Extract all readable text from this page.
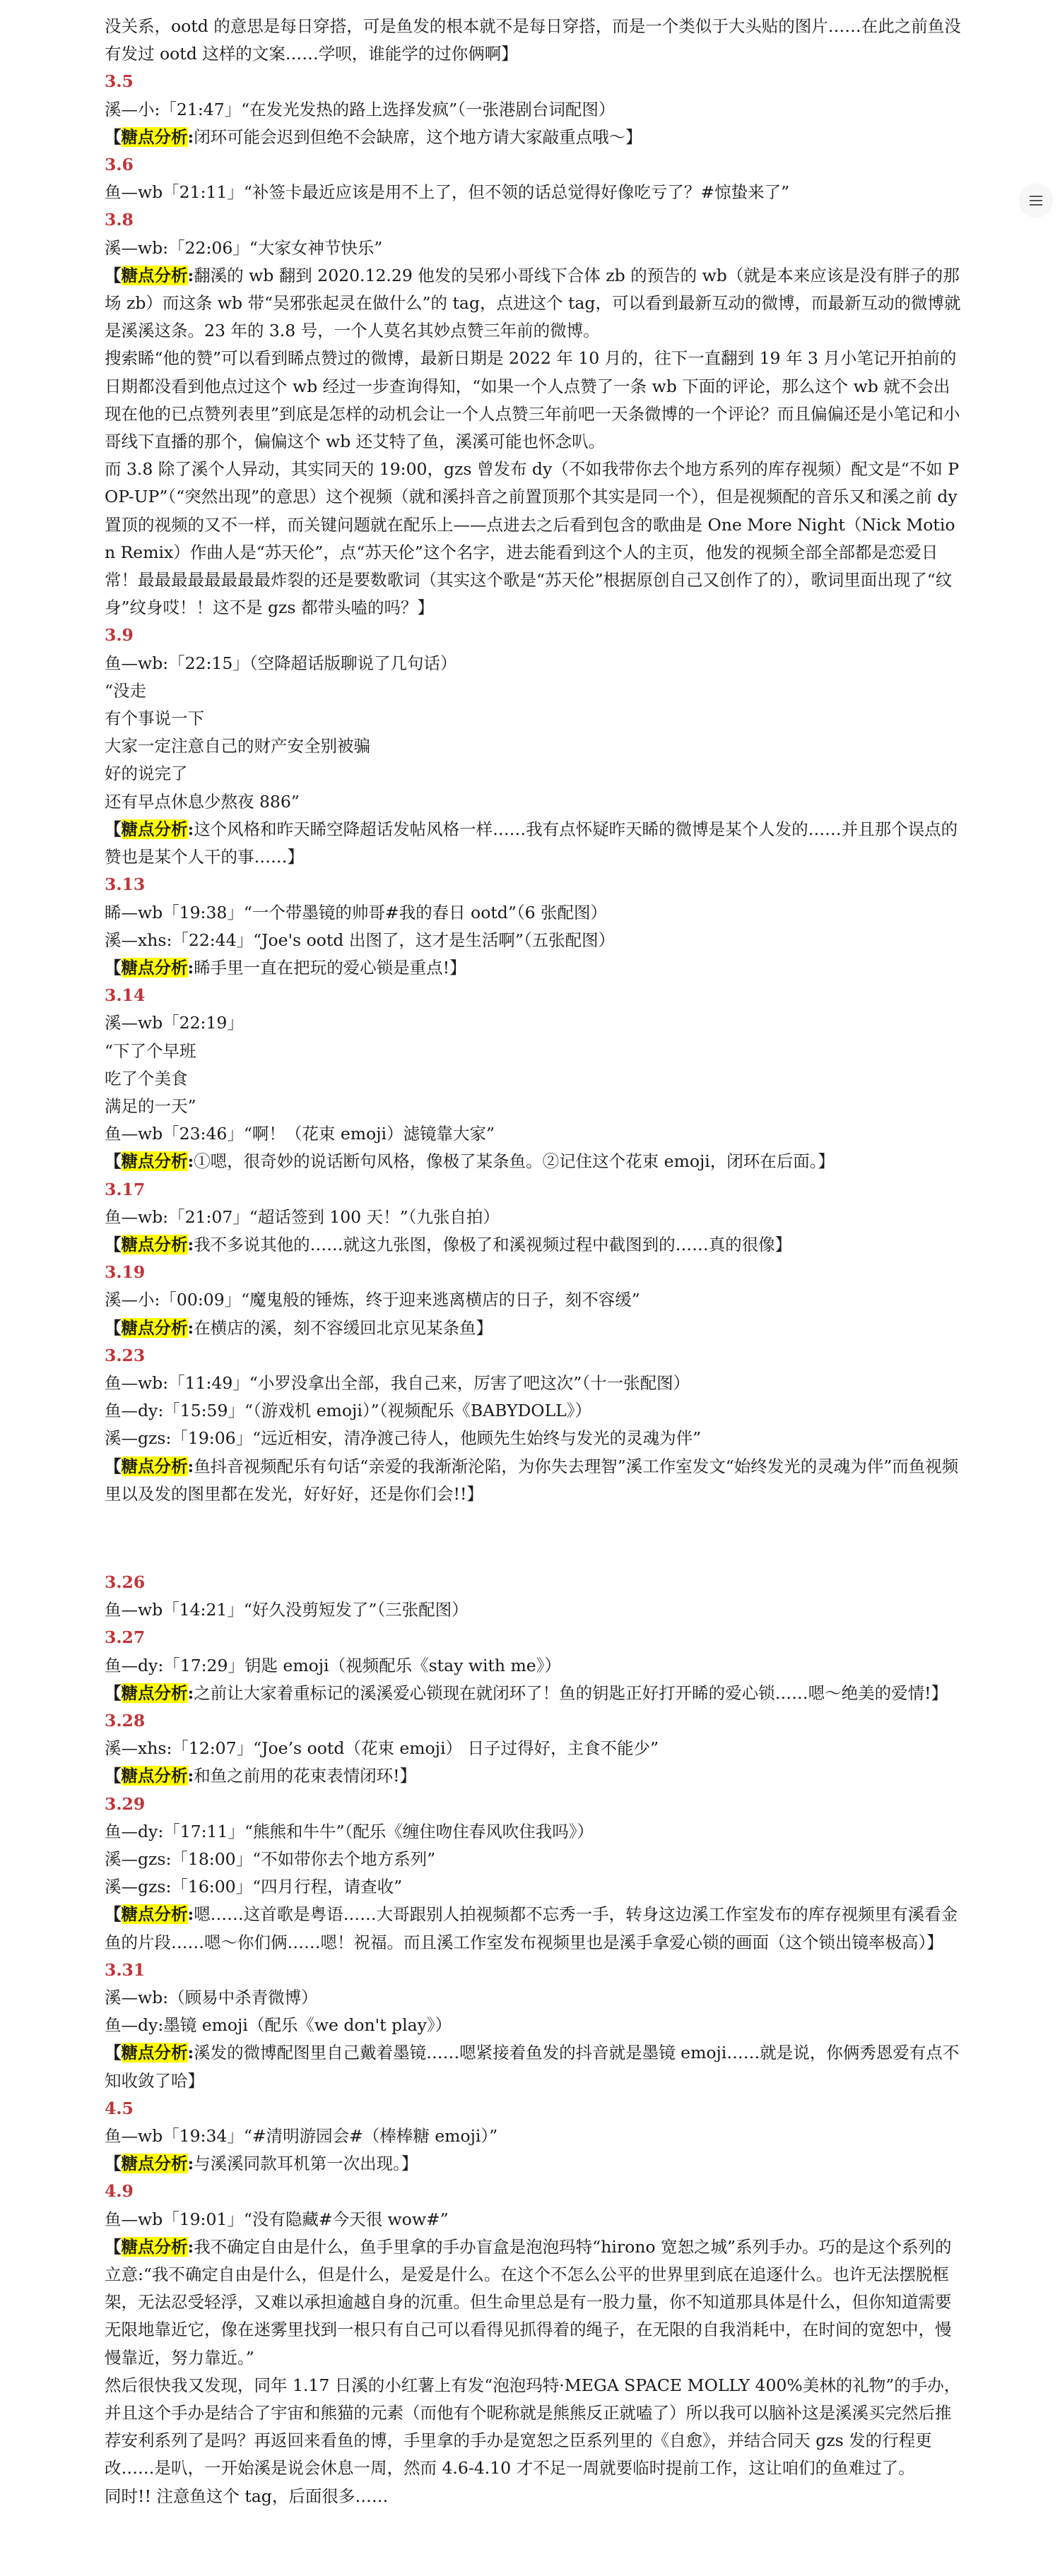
没关系，ootd 的意思是每日穿搭，可是鱼发的根本就不是每日穿搭，而是一个类似于大头贴的图片……在此之前鱼没有发过 ootd 这样的文案……学呗，谁能学的过你俩啊】

3.5

溪—小:「21:47」“在发光发热的路上选择发疯”（一张港剧台词配图）

【糖点分析:闭环可能会迟到但绝不会缺席，这个地方请大家敲重点哦～】

3.6

鱼—wb「21:11」“补签卡最近应该是用不上了，但不领的话总觉得好像吃亏了？#惊蛰来了”

3.8

溪—wb:「22:06」“大家女神节快乐”

【糖点分析:翻溪的 wb 翻到 2020.12.29 他发的吴邪小哥线下合体 zb 的预告的 wb（就是本来应该是没有胖子的那场 zb）而这条 wb 带“吴邪张起灵在做什么”的 tag，点进这个 tag，可以看到最新互动的微博，而最新互动的微博就是溪溪这条。23 年的 3.8 号，一个人莫名其妙点赞三年前的微博。

搜索睎“他的赞”可以看到睎点赞过的微博，最新日期是 2022 年 10 月的，往下一直翻到 19 年 3 月小笔记开拍前的日期都没看到他点过这个 wb 经过一步查询得知，“如果一个人点赞了一条 wb 下面的评论，那么这个 wb 就不会出现在他的已点赞列表里”到底是怎样的动机会让一个人点赞三年前吧一天条微博的一个评论？而且偏偏还是小笔记和小哥线下直播的那个，偏偏这个 wb 还艾特了鱼，溪溪可能也怀念叭。

而 3.8 除了溪个人异动，其实同天的 19:00，gzs 曾发布 dy（不如我带你去个地方系列的库存视频）配文是“不如 POP-UP”（“突然出现”的意思）这个视频（就和溪抖音之前置顶那个其实是同一个），但是视频配的音乐又和溪之前 dy 置顶的视频的又不一样，而关键问题就在配乐上——点进去之后看到包含的歌曲是 One More Night（Nick Motion Remix）作曲人是“苏天伦”，点“苏天伦”这个名字，进去能看到这个人的主页，他发的视频全部全部都是恋爱日常！最最最最最最最最炸裂的还是要数歌词（其实这个歌是“苏天伦”根据原创自己又创作了的），歌词里面出现了“纹身”纹身哎！！这不是 gzs 都带头嗑的吗？】

3.9

鱼—wb:「22:15」（空降超话版聊说了几句话）

“没走

有个事说一下

大家一定注意自己的财产安全别被骗

好的说完了

还有早点休息少熬夜 886”

【糖点分析:这个风格和昨天睎空降超话发帖风格一样……我有点怀疑昨天睎的微博是某个人发的……并且那个误点的赞也是某个人干的事……】

3.13

睎—wb「19:38」“一个带墨镜的帅哥#我的春日 ootd”（6 张配图）

溪—xhs:「22:44」“Joe's ootd 出图了，这才是生活啊”（五张配图）

【糖点分析:睎手里一直在把玩的爱心锁是重点!】

3.14

溪—wb「22:19」

“下了个早班

吃了个美食

满足的一天”

鱼—wb「23:46」“啊！（花束 emoji）滤镜靠大家”

【糖点分析:①嗯，很奇妙的说话断句风格，像极了某条鱼。②记住这个花束 emoji，闭环在后面。】

3.17

鱼—wb:「21:07」“超话签到 100 天！”（九张自拍）

【糖点分析:我不多说其他的……就这九张图，像极了和溪视频过程中截图到的……真的很像】

3.19

溪—小:「00:09」“魔鬼般的锤炼，终于迎来逃离横店的日子，刻不容缓”

【糖点分析:在横店的溪，刻不容缓回北京见某条鱼】

3.23

鱼—wb:「11:49」“小罗没拿出全部，我自己来，厉害了吧这次”（十一张配图）

鱼—dy:「15:59」“（游戏机 emoji）”（视频配乐《BABYDOLL》）

溪—gzs:「19:06」“远近相安，清净渡己待人，他顾先生始终与发光的灵魂为伴”

【糖点分析:鱼抖音视频配乐有句话“亲爱的我渐渐沦陷，为你失去理智”溪工作室发文“始终发光的灵魂为伴”而鱼视频里以及发的图里都在发光，好好好，还是你们会!!】

3.26

鱼—wb「14:21」“好久没剪短发了”（三张配图）

3.27

鱼—dy:「17:29」钥匙 emoji（视频配乐《stay with me》）

【糖点分析:之前让大家着重标记的溪溪爱心锁现在就闭环了！鱼的钥匙正好打开睎的爱心锁……嗯～绝美的爱情!】

3.28

溪—xhs:「12:07」“Joe’s ootd（花束 emoji） 日子过得好，主食不能少”

【糖点分析:和鱼之前用的花束表情闭环!】

3.29

鱼—dy:「17:11」“熊熊和牛牛”（配乐《缠住吻住春风吹住我吗》）

溪—gzs:「18:00」“不如带你去个地方系列”

溪—gzs:「16:00」“四月行程，请查收”

【糖点分析:嗯……这首歌是粤语……大哥跟别人拍视频都不忘秀一手，转身这边溪工作室发布的库存视频里有溪看金鱼的片段……嗯～你们俩……嗯！祝福。而且溪工作室发布视频里也是溪手拿爱心锁的画面（这个锁出镜率极高）】

3.31

溪—wb:（顾易中杀青微博）

鱼—dy:墨镜 emoji（配乐《we don't play》）

【糖点分析:溪发的微博配图里自己戴着墨镜……嗯紧接着鱼发的抖音就是墨镜 emoji……就是说，你俩秀恩爱有点不知收敛了哈】

4.5

鱼—wb「19:34」“#清明游园会#（棒棒糖 emoji）”

【糖点分析:与溪溪同款耳机第一次出现。】

4.9

鱼—wb「19:01」“没有隐藏#今天很 wow#”

【糖点分析:我不确定自由是什么，鱼手里拿的手办盲盒是泡泡玛特“hirono 宽恕之城”系列手办。巧的是这个系列的立意:“我不确定自由是什么，但是什么，是爱是什么。在这个不怎么公平的世界里到底在追逐什么。也许无法摆脱框架，无法忍受轻浮，又难以承担逾越自身的沉重。但生命里总是有一股力量，你不知道那具体是什么，但你知道需要无限地靠近它，像在迷雾里找到一根只有自己可以看得见抓得着的绳子，在无限的自我消耗中，在时间的宽恕中，慢慢靠近，努力靠近。”

然后很快我又发现，同年 1.17 日溪的小红薯上有发“泡泡玛特·MEGA SPACE MOLLY 400%美林的礼物”的手办，并且这个手办是结合了宇宙和熊猫的元素（而他有个昵称就是熊熊反正就嗑了）所以我可以脑补这是溪溪买完然后推荐安利系列了是吗？再返回来看鱼的博，手里拿的手办是宽恕之臣系列里的《自愈》，并结合同天 gzs 发的行程更改……是叭，一开始溪是说会休息一周，然而 4.6-4.10 才不足一周就要临时提前工作，这让咱们的鱼难过了。

同时!! 注意鱼这个 tag，后面很多……
